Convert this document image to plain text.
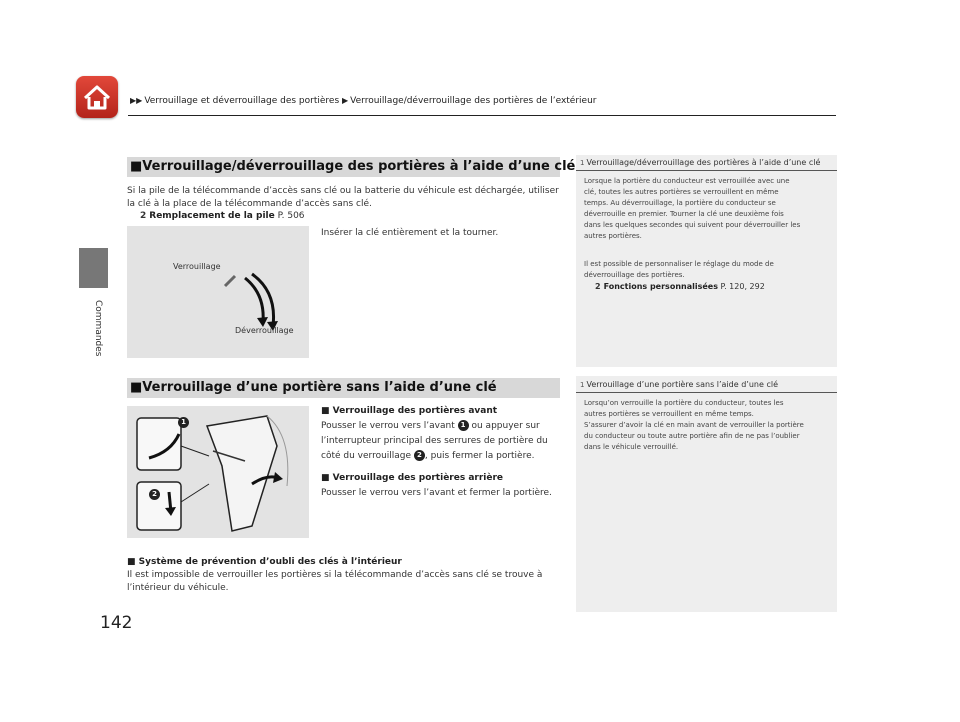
▶▶ Verrouillage et déverrouillage des portières ▶ Verrouillage/déverrouillage des portières de l’extérieur
Commandes
■Verrouillage/déverrouillage des portières à l’aide d’une clé
Si la pile de la télécommande d’accès sans clé ou la batterie du véhicule est déchargée, utiliser
la clé à la place de la télécommande d’accès sans clé.
2 Remplacement de la pile P. 506
Insérer la clé entièrement et la tourner.
Verrouillage
Déverrouillage
1 Verrouillage/déverrouillage des portières à l’aide d’une clé
Lorsque la portière du conducteur est verrouillée avec une
clé, toutes les autres portières se verrouillent en même
temps. Au déverrouillage, la portière du conducteur se
déverrouille en premier. Tourner la clé une deuxième fois
dans les quelques secondes qui suivent pour déverrouiller les
autres portières.
Il est possible de personnaliser le réglage du mode de
déverrouillage des portières.
2 Fonctions personnalisées P. 120, 292
■Verrouillage d’une portière sans l’aide d’une clé
1
2
■ Verrouillage des portières avant
Pousser le verrou vers l’avant 1 ou appuyer sur
l’interrupteur principal des serrures de portière du
côté du verrouillage 2 , puis fermer la portière.
■ Verrouillage des portières arrière
Pousser le verrou vers l’avant et fermer la portière.
■ Système de prévention d’oubli des clés à l’intérieur
Il est impossible de verrouiller les portières si la télécommande d’accès sans clé se trouve à
l’intérieur du véhicule.
1 Verrouillage d’une portière sans l’aide d’une clé
Lorsqu’on verrouille la portière du conducteur, toutes les
autres portières se verrouillent en même temps.
S’assurer d’avoir la clé en main avant de verrouiller la portière
du conducteur ou toute autre portière afin de ne pas l’oublier
dans le véhicule verrouillé.
142
